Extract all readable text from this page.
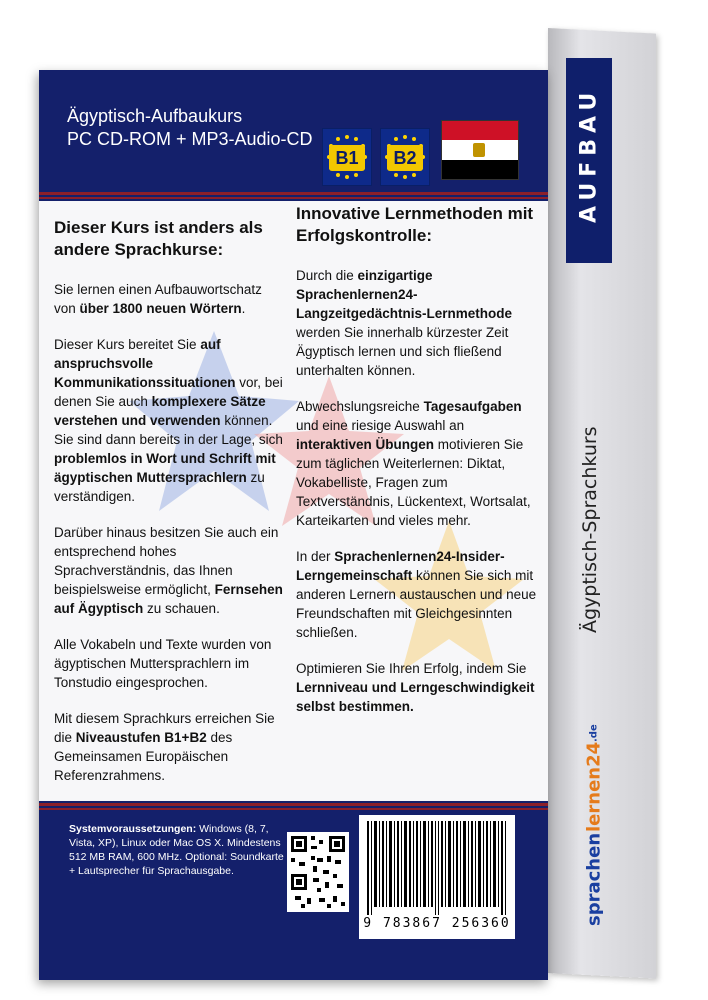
AUFBAU
Ägyptisch-Sprachkurs
sprachen
lernen24
.de
Ägyptisch-Aufbaukurs
PC CD-ROM + MP3-Audio-CD
B1	B2
Dieser Kurs ist anders als andere Sprachkurse:

Sie lernen einen Aufbauwortschatz von über 1800 neuen Wörtern.

Dieser Kurs bereitet Sie auf anspruchsvolle Kommunikationssituationen vor, bei denen Sie auch komplexere Sätze verstehen und verwenden können. Sie sind dann bereits in der Lage, sich problemlos in Wort und Schrift mit ägyptischen Muttersprachlern zu verständigen.

Darüber hinaus besitzen Sie auch ein entsprechend hohes Sprachverständnis, das Ihnen beispielsweise ermöglicht, Fernsehen auf Ägyptisch zu schauen.

Alle Vokabeln und Texte wurden von ägyptischen Muttersprachlern im Tonstudio eingesprochen.

Mit diesem Sprachkurs erreichen Sie die Niveaustufen B1+B2 des Gemeinsamen Europäischen Referenzrahmens.

Innovative Lernmethoden mit Erfolgskontrolle:

Durch die einzigartige Sprachenlernen24-Langzeitgedächtnis-Lernmethode werden Sie innerhalb kürzester Zeit Ägyptisch lernen und sich fließend unterhalten können.

Abwechslungsreiche Tagesaufgaben und eine riesige Auswahl an interaktiven Übungen motivieren Sie zum täglichen Weiterlernen: Diktat, Vokabelliste, Fragen zum Textverständnis, Lückentext, Wortsalat, Karteikarten und vieles mehr.

In der Sprachenlernen24-Insider-Lerngemeinschaft können Sie sich mit anderen Lernern austauschen und neue Freundschaften mit Gleichgesinnten schließen.

Optimieren Sie Ihren Erfolg, indem Sie Lernniveau und Lerngeschwindigkeit selbst bestimmen.

Systemvoraussetzungen: Windows (8, 7, Vista, XP), Linux oder Mac OS X. Mindestens 512 MB RAM, 600 MHz. Optional: Soundkarte + Lautsprecher für Sprachausgabe.
9 783867 256360
